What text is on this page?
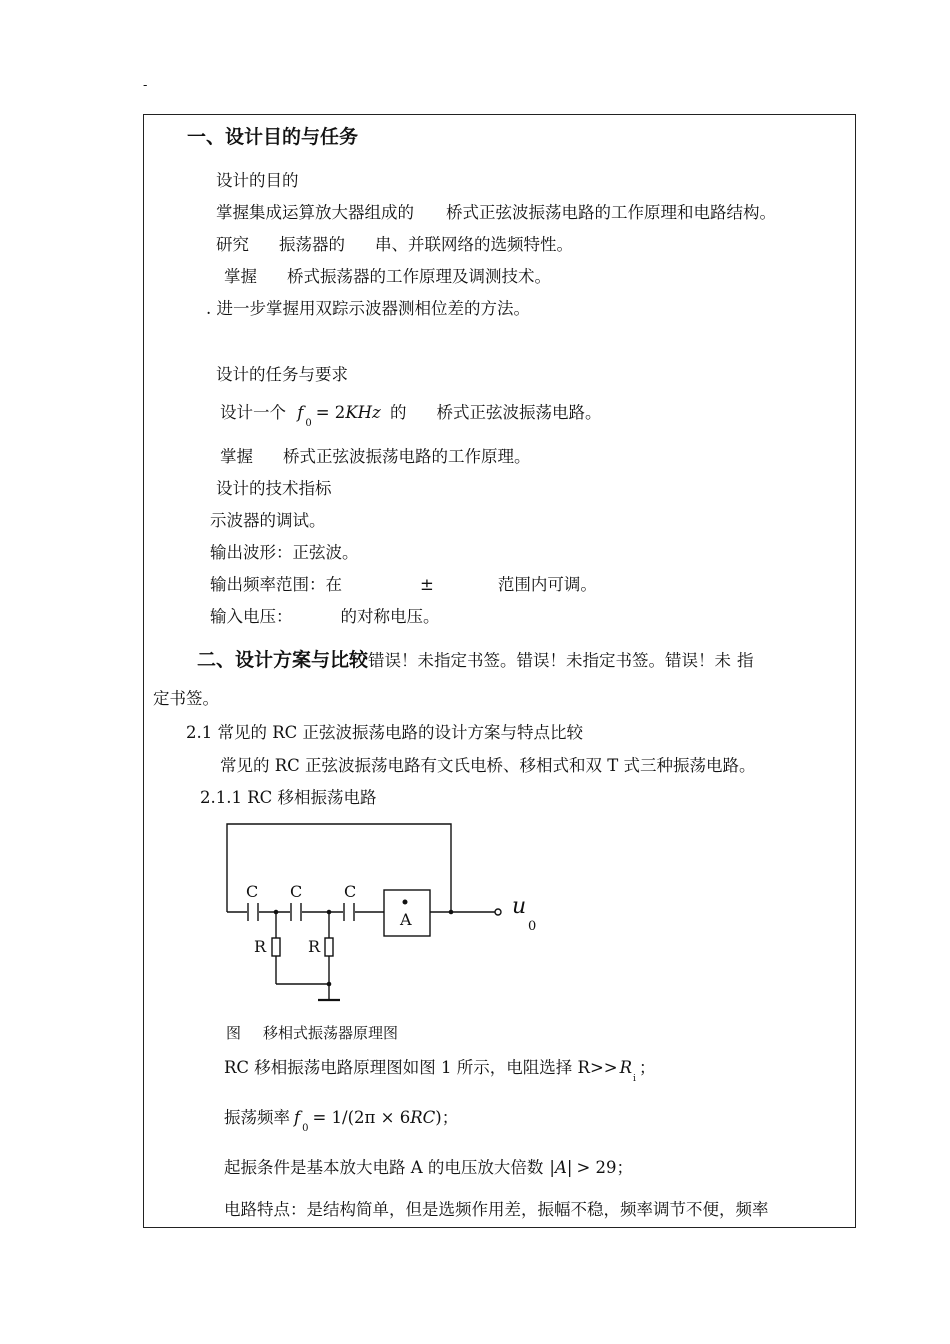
-
一、设计目的与任务
设计的目的
掌握集成运算放大器组成的 桥式正弦波振荡电路的工作原理和电路结构。
研究 振荡器的 串、并联网络的选频特性。
掌握 桥式振荡器的工作原理及调测技术。
. 进一步掌握用双踪示波器测相位差的方法。
设计的任务与要求
设计一个 $f_0= 2KHz$ 的 桥式正弦波振荡电路。
掌握 桥式正弦波振荡电路的工作原理。
设计的技术指标
示波器的调试。
输出波形：正弦波。
输出频率范围：在	±	范围内可调。
输入电压：	的对称电压。
二、设计方案与比较错误！未指定书签。错误！未指定书签。错误！未 指
定书签。
2.1 常见的 RC 正弦波振荡电路的设计方案与特点比较
常见的 RC 正弦波振荡电路有文氏电桥、移相式和双 T 式三种振荡电路。
2.1.1 RC 移相振荡电路
C C	C
R	R
A
u
0
图 移相式振荡器原理图
RC 移相振荡电路原理图如图 1 所示，电阻选择 $R>> R_i$；
振荡频率 $f_0= 1/(2\pi \times 6RC)$；
起振条件是基本放大电路 A 的电压放大倍数 |A| > 29；
电路特点：是结构简单，但是选频作用差，振幅不稳，频率调节不便，频率
